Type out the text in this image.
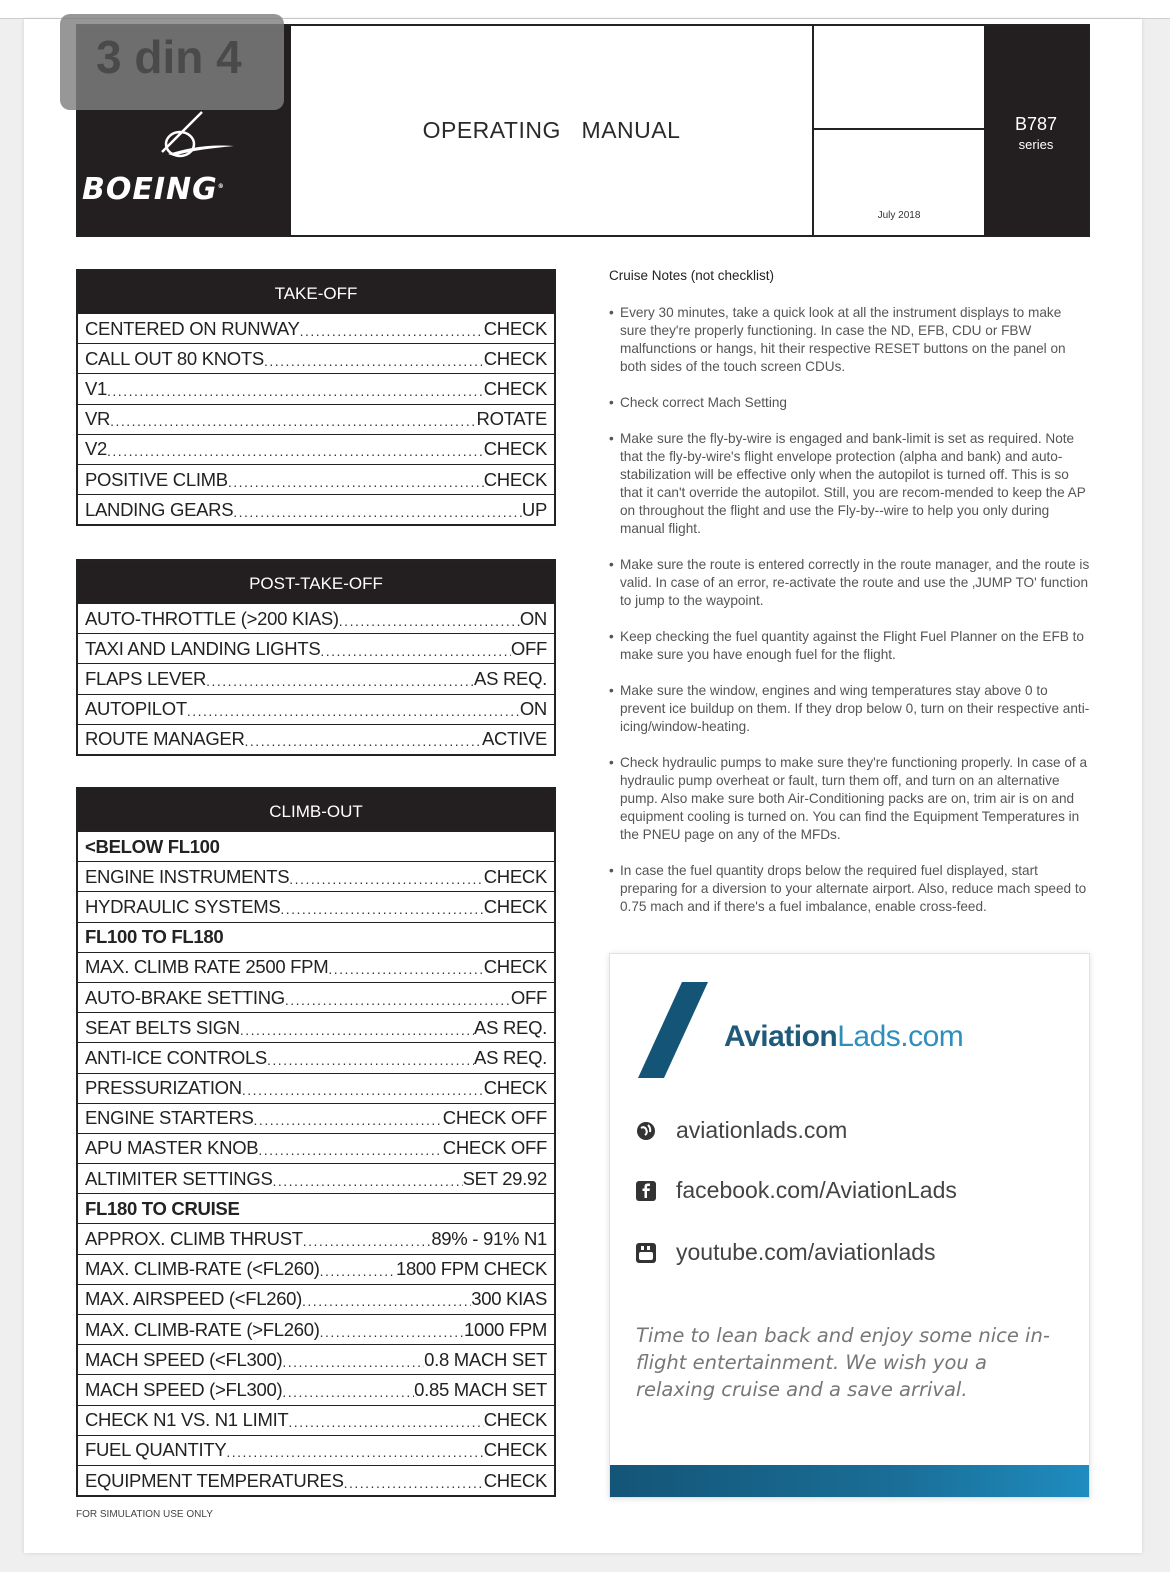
BOEING®
OPERATING   MANUAL
July 2018
B787
series
3 din 4
TAKE-OFF
CENTERED ON RUNWAY .....	CHECK
CALL OUT 80 KNOTS .....	CHECK
V1 .....	CHECK
VR .....	ROTATE
V2 .....	CHECK
POSITIVE CLIMB .....	CHECK
LANDING GEARS .....	UP
POST-TAKE-OFF
AUTO-THROTTLE (>200 KIAS) .....	ON
TAXI AND LANDING LIGHTS .....	OFF
FLAPS LEVER .....	AS REQ.
AUTOPILOT .....	ON
ROUTE MANAGER .....	ACTIVE
CLIMB-OUT
<BELOW FL100
ENGINE INSTRUMENTS .....	CHECK
HYDRAULIC SYSTEMS .....	CHECK
FL100 TO FL180
MAX. CLIMB RATE 2500 FPM .....	CHECK
AUTO-BRAKE SETTING .....	OFF
SEAT BELTS SIGN .....	AS REQ.
ANTI-ICE CONTROLS .....	AS REQ.
PRESSURIZATION .....	CHECK
ENGINE STARTERS .....	CHECK OFF
APU MASTER KNOB .....	CHECK OFF
ALTIMITER SETTINGS .....	SET 29.92
FL180 TO CRUISE
APPROX. CLIMB THRUST .....	89% - 91% N1
MAX. CLIMB-RATE (<FL260) .....	1800 FPM CHECK
MAX. AIRSPEED (<FL260) .....	300 KIAS
MAX. CLIMB-RATE (>FL260) .....	1000 FPM
MACH SPEED (<FL300) .....	0.8 MACH SET
MACH SPEED (>FL300) .....	0.85 MACH SET
CHECK N1 VS. N1 LIMIT .....	CHECK
FUEL QUANTITY .....	CHECK
EQUIPMENT TEMPERATURES .....	CHECK
Cruise Notes (not checklist)
• Every 30 minutes, take a quick look at all the instrument displays to make sure they're properly functioning. In case the ND, EFB, CDU or FBW malfunctions or hangs, hit their respective RESET buttons on the panel on both sides of the touch screen CDUs.
• Check correct Mach Setting
• Make sure the fly-by-wire is engaged and bank-limit is set as required. Note that the fly-by-wire's flight envelope protection (alpha and bank) and auto-stabilization will be effective only when the autopilot is turned off. This is so that it can't override the autopilot. Still, you are recom-mended to keep the AP on throughout the flight and use the Fly-by--wire to help you only during manual flight.
• Make sure the route is entered correctly in the route manager, and the route is valid. In case of an error, re-activate the route and use the ‚JUMP TO' function to jump to the waypoint.
• Keep checking the fuel quantity against the Flight Fuel Planner on the EFB to make sure you have enough fuel for the flight.
• Make sure the window, engines and wing temperatures stay above 0 to prevent ice buildup on them. If they drop below 0, turn on their respective anti-icing/window-heating.
• Check hydraulic pumps to make sure they're functioning properly. In case of a hydraulic pump overheat or fault, turn them off, and turn on an alternative pump. Also make sure both Air-Conditioning packs are on, trim air is on and equipment cooling is turned on. You can find the Equipment Temperatures in the PNEU page on any of the MFDs.
• In case the fuel quantity drops below the required fuel displayed, start preparing for a diversion to your alternate airport. Also, reduce mach speed to 0.75 mach and if there's a fuel imbalance, enable cross-feed.
AviationLads.com
aviationlads.com
facebook.com/AviationLads
youtube.com/aviationlads
Time to lean back and enjoy some nice in-flight entertainment. We wish you a relaxing cruise and a save arrival.
FOR SIMULATION USE ONLY
